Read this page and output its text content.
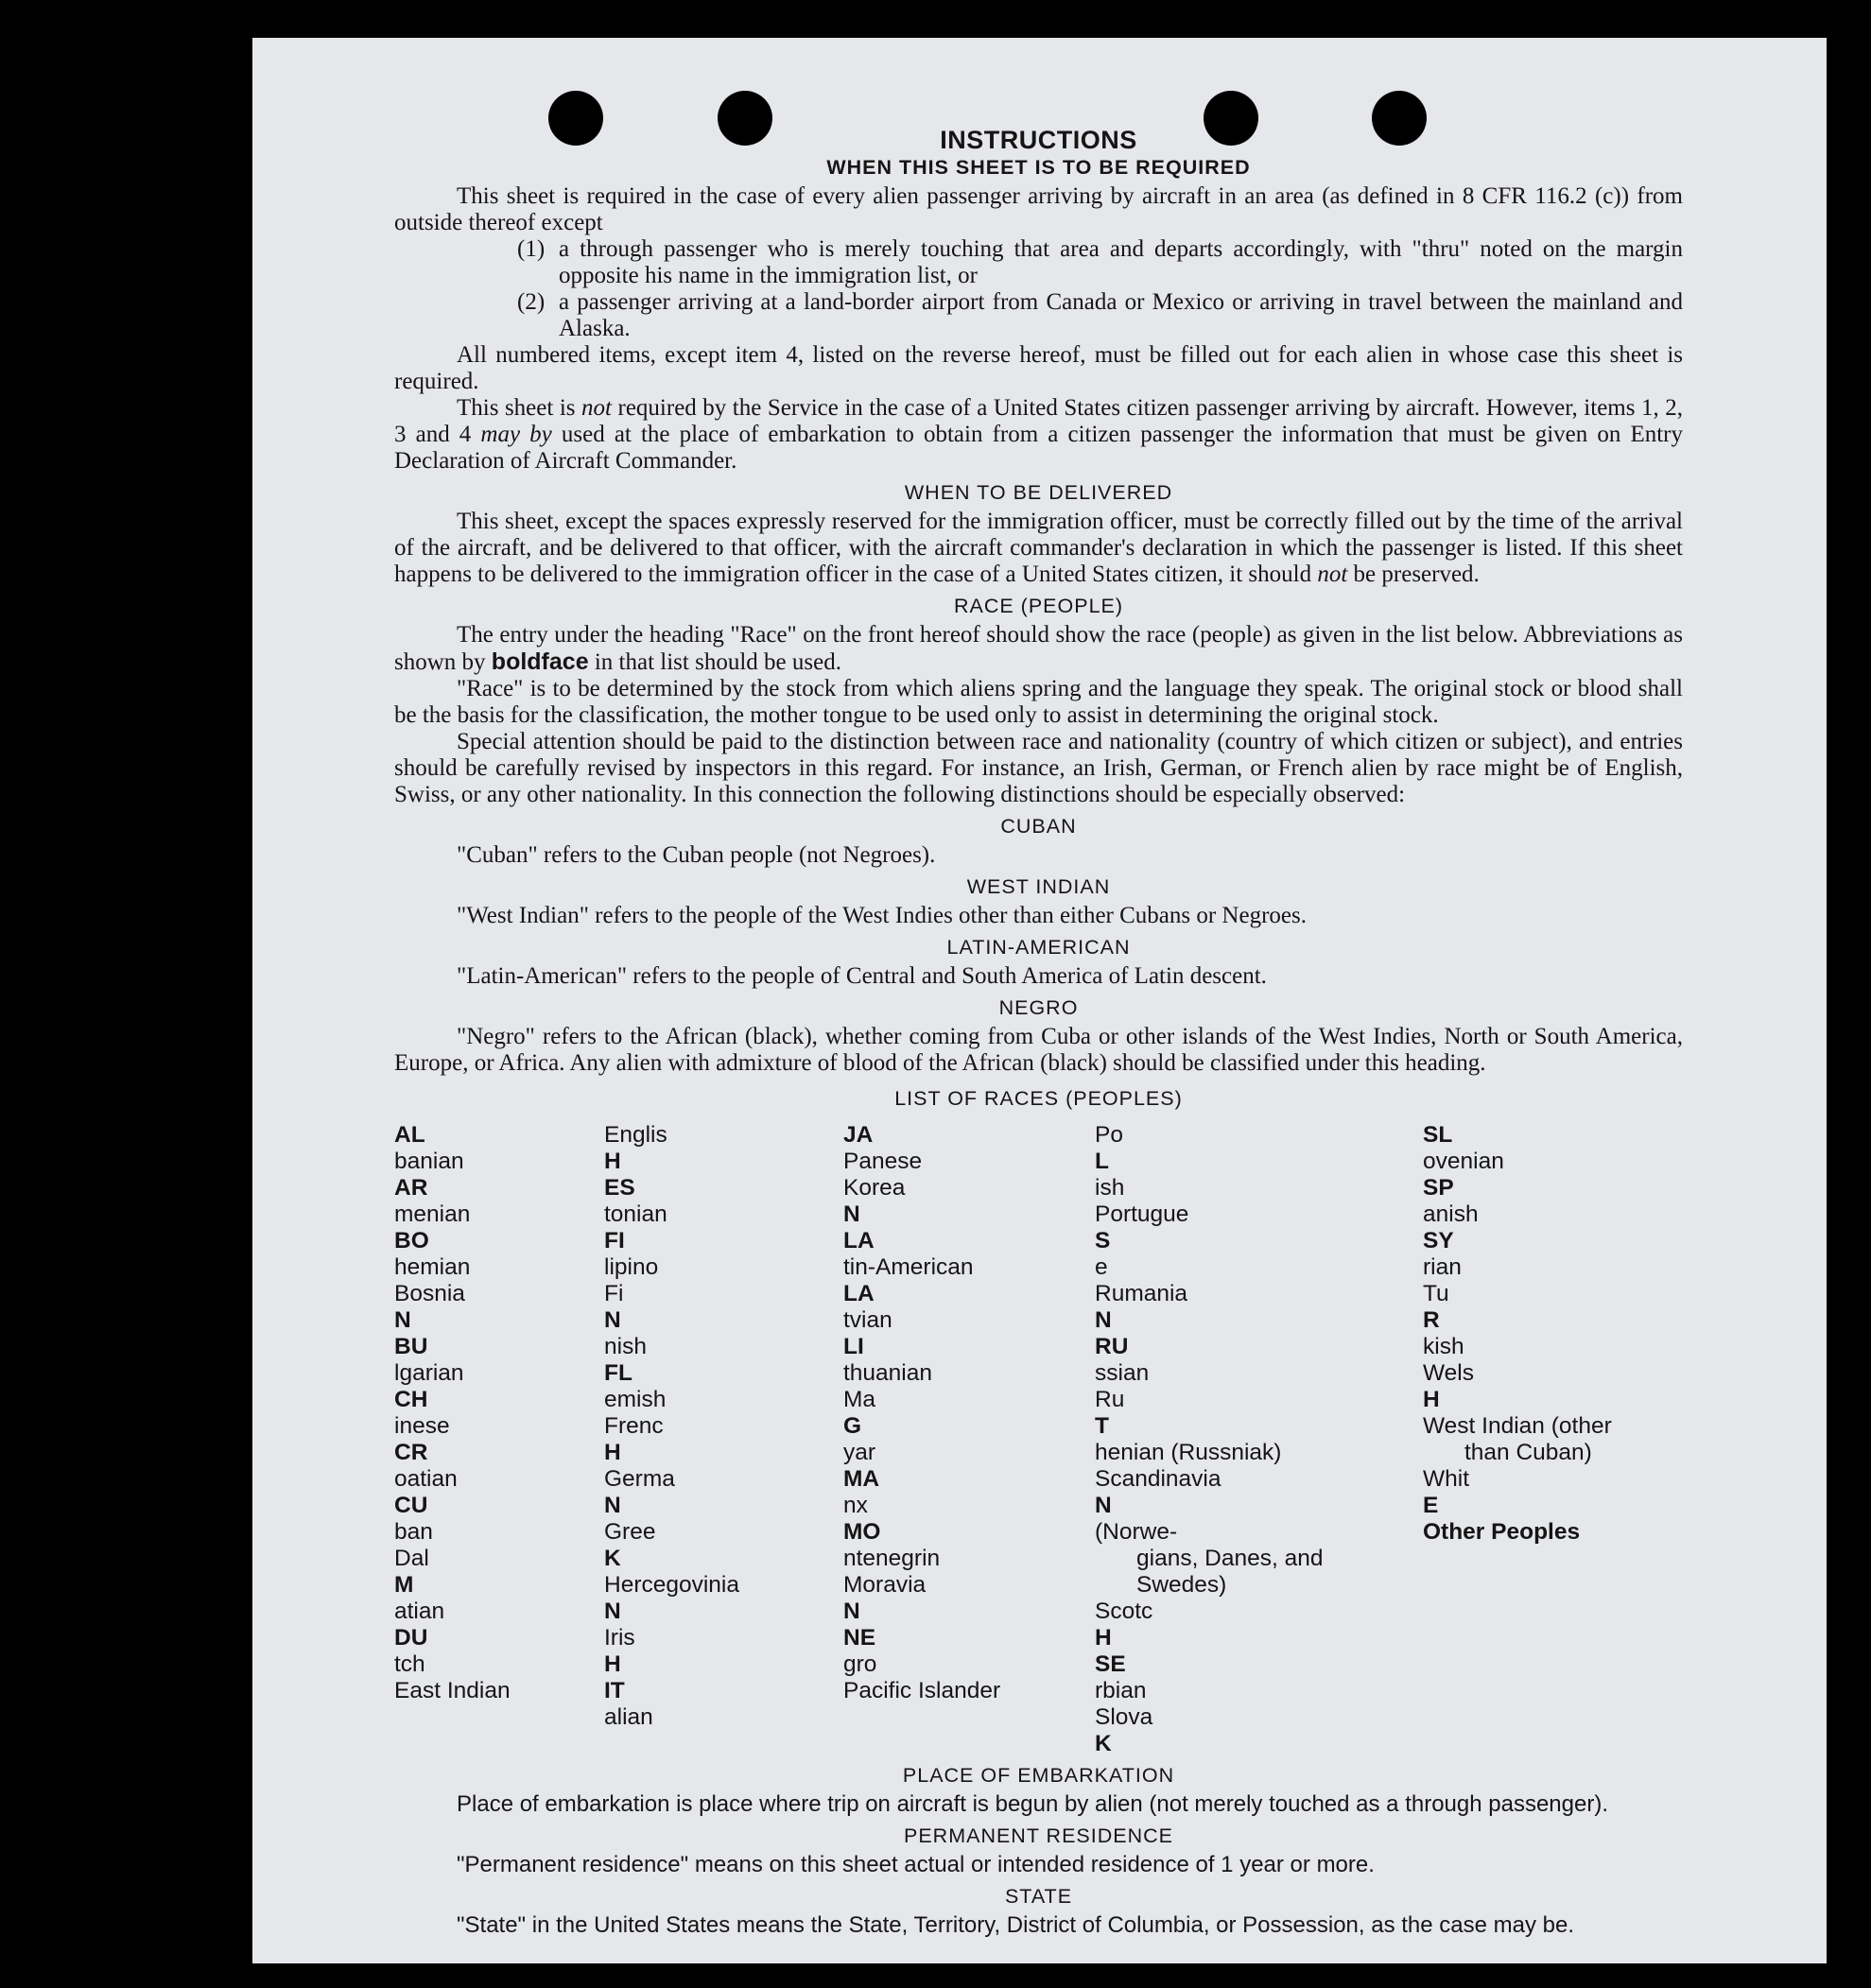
INSTRUCTIONS
WHEN THIS SHEET IS TO BE REQUIRED

This sheet is required in the case of every alien passenger arriving by aircraft in an area (as defined in 8 CFR 116.2 (c)) from outside thereof except

(1) a through passenger who is merely touching that area and departs accordingly, with "thru" noted on the margin opposite his name in the immigration list, or
(2) a passenger arriving at a land-border airport from Canada or Mexico or arriving in travel between the mainland and Alaska.

All numbered items, except item 4, listed on the reverse hereof, must be filled out for each alien in whose case this sheet is required.

This sheet is not required by the Service in the case of a United States citizen passenger arriving by aircraft. However, items 1, 2, 3 and 4 may by used at the place of embarkation to obtain from a citizen passenger the information that must be given on Entry Declaration of Aircraft Commander.

WHEN TO BE DELIVERED

This sheet, except the spaces expressly reserved for the immigration officer, must be correctly filled out by the time of the arrival of the aircraft, and be delivered to that officer, with the aircraft commander's declaration in which the passenger is listed. If this sheet happens to be delivered to the immigration officer in the case of a United States citizen, it should not be preserved.

RACE (PEOPLE)

The entry under the heading "Race" on the front hereof should show the race (people) as given in the list below. Abbreviations as shown by boldface in that list should be used.

"Race" is to be determined by the stock from which aliens spring and the language they speak. The original stock or blood shall be the basis for the classification, the mother tongue to be used only to assist in determining the original stock.

Special attention should be paid to the distinction between race and nationality (country of which citizen or subject), and entries should be carefully revised by inspectors in this regard. For instance, an Irish, German, or French alien by race might be of English, Swiss, or any other nationality. In this connection the following distinctions should be especially observed:

CUBAN

"Cuban" refers to the Cuban people (not Negroes).

WEST INDIAN

"West Indian" refers to the people of the West Indies other than either Cubans or Negroes.

LATIN-AMERICAN

"Latin-American" refers to the people of Central and South America of Latin descent.

NEGRO

"Negro" refers to the African (black), whether coming from Cuba or other islands of the West Indies, North or South America, Europe, or Africa. Any alien with admixture of blood of the African (black) should be classified under this heading.

LIST OF RACES (PEOPLES)
AL
banian
AR
menian
BO
hemian
Bosnia
N
BU
lgarian
CH
inese
CR
oatian
CU
ban
Dal
M
atian
DU
tch
East Indian
Englis
H
ES
tonian
FI
lipino
Fi
N
nish
FL
emish
Frenc
H
Germa
N
Gree
K
Hercegovinia
N
Iris
H
IT
alian
JA
Panese
Korea
N
LA
tin-American
LA
tvian
LI
thuanian
Ma
G
yar
MA
nx
MO
ntenegrin
Moravia
N
NE
gro
Pacific Islander
Po
L
ish
Portugue
S
e
Rumania
N
RU
ssian
Ru
T
henian (Russniak)
Scandinavia
N
(Norwe-
gians, Danes, and
Swedes)
Scotc
H
SE
rbian
Slova
K
SL
ovenian
SP
anish
SY
rian
Tu
R
kish
Wels
H
West Indian (other
than Cuban)
Whit
E
Other Peoples
PLACE OF EMBARKATION

Place of embarkation is place where trip on aircraft is begun by alien (not merely touched as a through passenger).

PERMANENT RESIDENCE

"Permanent residence" means on this sheet actual or intended residence of 1 year or more.

STATE

"State" in the United States means the State, Territory, District of Columbia, or Possession, as the case may be.
